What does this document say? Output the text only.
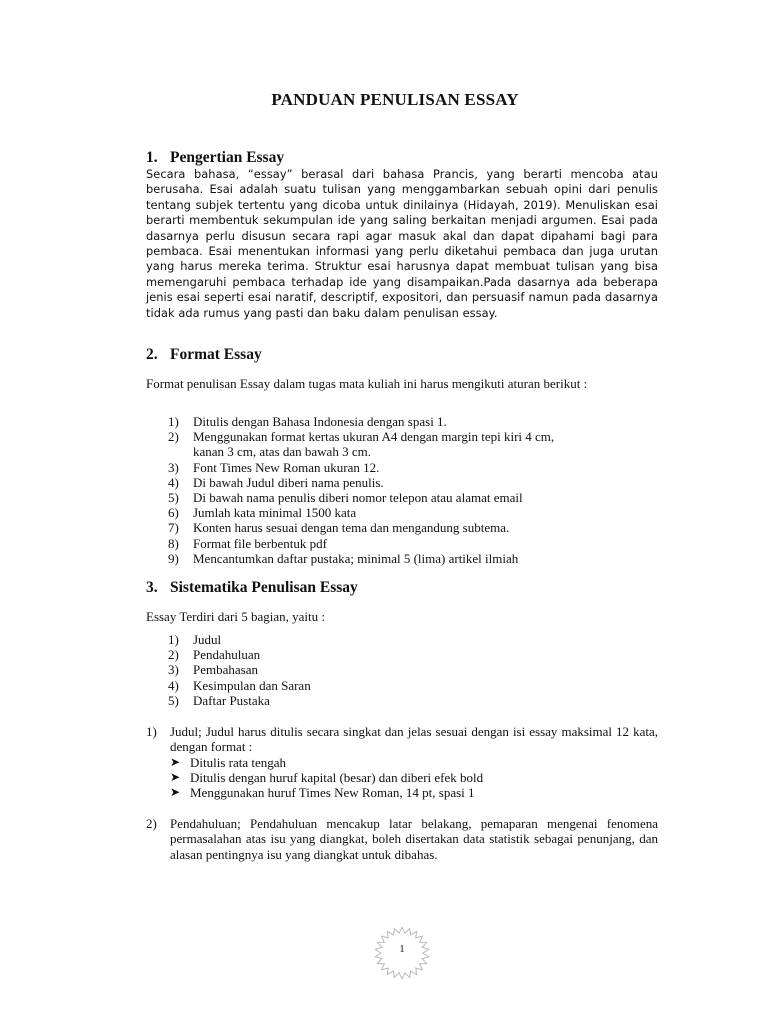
PANDUAN PENULISAN ESSAY
1. Pengertian Essay
Secara bahasa, “essay” berasal dari bahasa Prancis, yang berarti mencoba atau berusaha. Esai adalah suatu tulisan yang menggambarkan sebuah opini dari penulis tentang subjek tertentu yang dicoba untuk dinilainya (Hidayah, 2019). Menuliskan esai berarti membentuk sekumpulan ide yang saling berkaitan menjadi argumen. Esai pada dasarnya perlu disusun secara rapi agar masuk akal dan dapat dipahami bagi para pembaca. Esai menentukan informasi yang perlu diketahui pembaca dan juga urutan yang harus mereka terima. Struktur esai harusnya dapat membuat tulisan yang bisa memengaruhi pembaca terhadap ide yang disampaikan.Pada dasarnya ada beberapa jenis esai seperti esai naratif, descriptif, expositori, dan persuasif namun pada dasarnya tidak ada rumus yang pasti dan baku dalam penulisan essay.
2. Format Essay
Format penulisan Essay dalam tugas mata kuliah ini harus mengikuti aturan berikut :
1) Ditulis dengan Bahasa Indonesia dengan spasi 1.
2) Menggunakan format kertas ukuran A4 dengan margin tepi kiri 4 cm, kanan 3 cm, atas dan bawah 3 cm.
3) Font Times New Roman ukuran 12.
4) Di bawah Judul diberi nama penulis.
5) Di bawah nama penulis diberi nomor telepon atau alamat email
6) Jumlah kata minimal 1500 kata
7) Konten harus sesuai dengan tema dan mengandung subtema.
8) Format file berbentuk pdf
9) Mencantumkan daftar pustaka; minimal 5 (lima) artikel ilmiah
3. Sistematika Penulisan Essay
Essay Terdiri dari 5 bagian, yaitu :
1) Judul
2) Pendahuluan
3) Pembahasan
4) Kesimpulan dan Saran
5) Daftar Pustaka
1) Judul; Judul harus ditulis secara singkat dan jelas sesuai dengan isi essay maksimal 12 kata, dengan format :
➤ Ditulis rata tengah
➤ Ditulis dengan huruf kapital (besar) dan diberi efek bold
➤ Menggunakan huruf Times New Roman, 14 pt, spasi 1
2) Pendahuluan; Pendahuluan mencakup latar belakang, pemaparan mengenai fenomena permasalahan atas isu yang diangkat, boleh disertakan data statistik sebagai penunjang, dan alasan pentingnya isu yang diangkat untuk dibahas.
1
